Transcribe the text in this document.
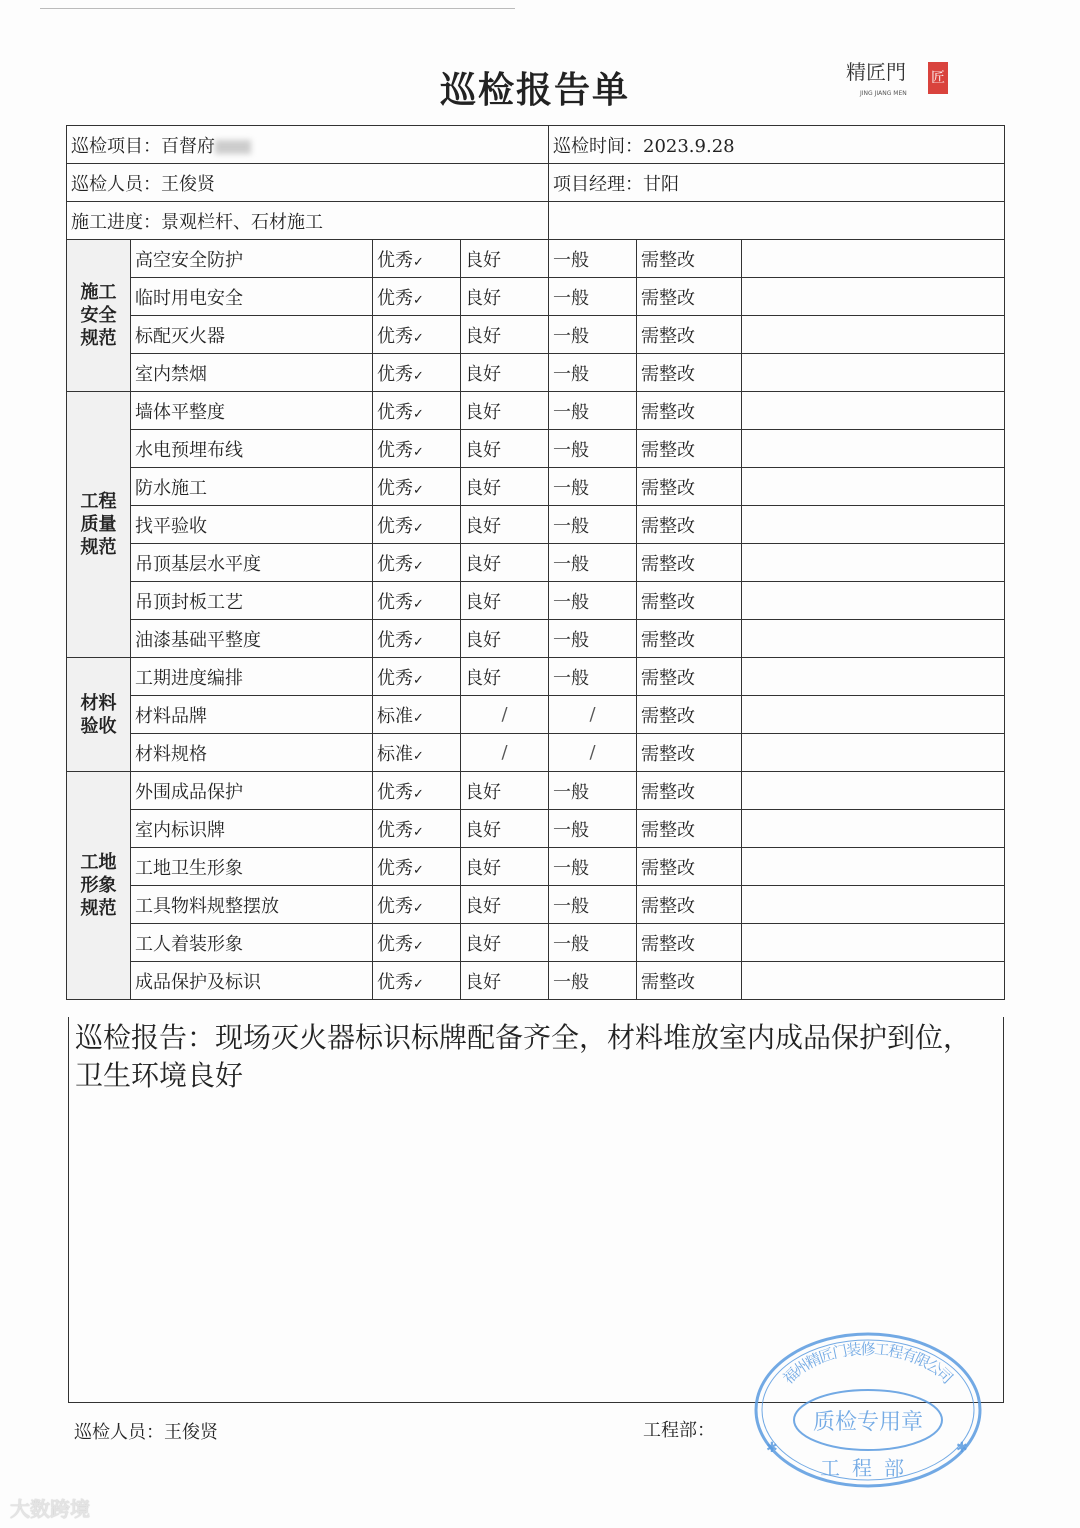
巡检报告单	精匠門
JING JIANG MEN
匠
巡检项目：百督府				巡检时间：2023.9.28		
巡检人员：王俊贤				项目经理：甘阳		
施工进度：景观栏杆、石材施工						
施工安全规范	高空安全防护	优秀✓	良好	一般	需整改	
	临时用电安全	优秀✓	良好	一般	需整改	
	标配灭火器	优秀✓	良好	一般	需整改	
	室内禁烟	优秀✓	良好	一般	需整改	
工程质量规范	墙体平整度	优秀✓	良好	一般	需整改	
	水电预埋布线	优秀✓	良好	一般	需整改	
	防水施工	优秀✓	良好	一般	需整改	
	找平验收	优秀✓	良好	一般	需整改	
	吊顶基层水平度	优秀✓	良好	一般	需整改	
	吊顶封板工艺	优秀✓	良好	一般	需整改	
	油漆基础平整度	优秀✓	良好	一般	需整改	
材料验收	工期进度编排	优秀✓	良好	一般	需整改	
	材料品牌	标准✓	/	/	需整改	
	材料规格	标准✓	/	/	需整改	
工地形象规范	外围成品保护	优秀✓	良好	一般	需整改	
	室内标识牌	优秀✓	良好	一般	需整改	
	工地卫生形象	优秀✓	良好	一般	需整改	
	工具物料规整摆放	优秀✓	良好	一般	需整改	
	工人着装形象	优秀✓	良好	一般	需整改	
	成品保护及标识	优秀✓	良好	一般	需整改	
巡检报告：现场灭火器标识标牌配备齐全，材料堆放室内成品保护到位，卫生环境良好
巡检人员：王俊贤	工程部：
福州精匠门装修工程有限公司
质检专用章
工程部
✱	✱
大数跨境
